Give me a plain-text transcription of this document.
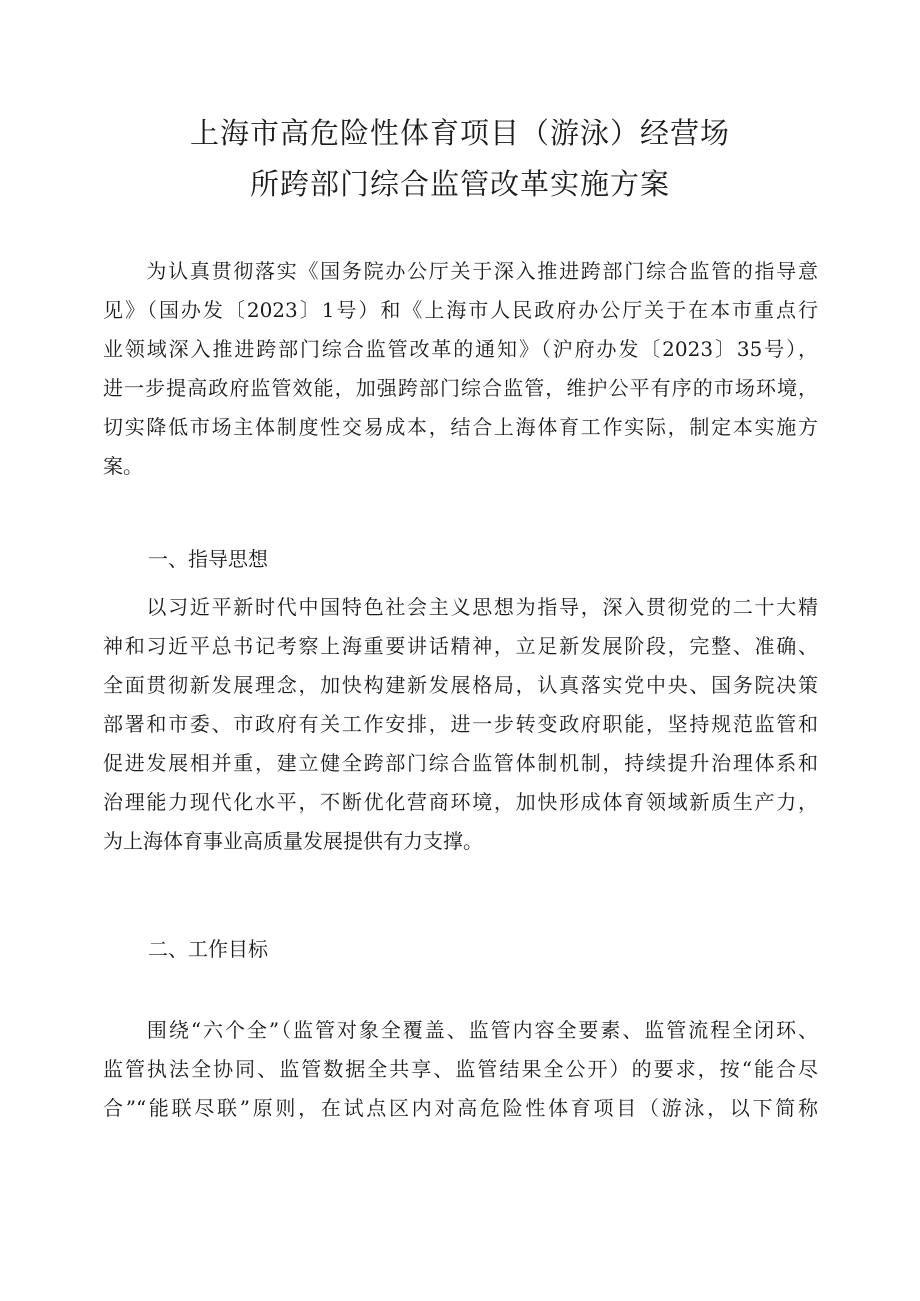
上海市高危险性体育项目（游泳）经营场
所跨部门综合监管改革实施方案
　　为认真贯彻落实《国务院办公厅关于深入推进跨部门综合监管的指导意
见》（国办发〔2023〕1号）和《上海市人民政府办公厅关于在本市重点行
业领域深入推进跨部门综合监管改革的通知》（沪府办发〔2023〕35号），
进一步提高政府监管效能，加强跨部门综合监管，维护公平有序的市场环境，
切实降低市场主体制度性交易成本，结合上海体育工作实际，制定本实施方
案。
一、指导思想
　　以习近平新时代中国特色社会主义思想为指导，深入贯彻党的二十大精
神和习近平总书记考察上海重要讲话精神，立足新发展阶段，完整、准确、
全面贯彻新发展理念，加快构建新发展格局，认真落实党中央、国务院决策
部署和市委、市政府有关工作安排，进一步转变政府职能，坚持规范监管和
促进发展相并重，建立健全跨部门综合监管体制机制，持续提升治理体系和
治理能力现代化水平，不断优化营商环境，加快形成体育领域新质生产力，
为上海体育事业高质量发展提供有力支撑。
二、工作目标
　　围绕“六个全”（监管对象全覆盖、监管内容全要素、监管流程全闭环、
监管执法全协同、监管数据全共享、监管结果全公开）的要求，按“能合尽
合”“能联尽联”原则，在试点区内对高危险性体育项目（游泳，以下简称
